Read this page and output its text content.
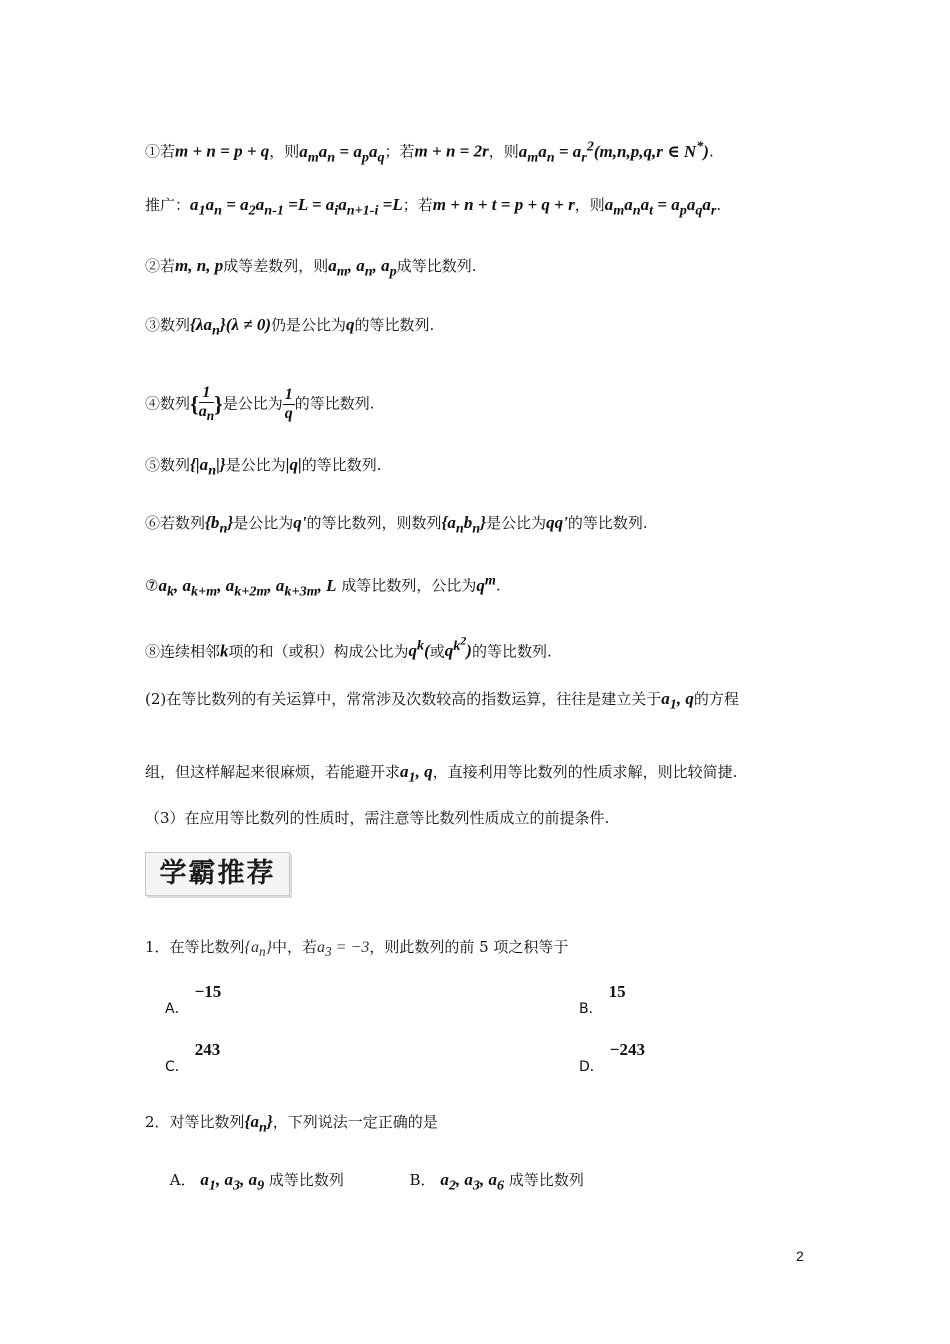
①若m + n = p + q，则$a_ma_n = a_pa_q$；若m + n = 2r，则$a_ma_n = a_r^2(m,n,p,q,r$ ∈ N*).
推广：$a_1a_n = a_2a_{n-1} =L = a_ia_{n+1-i} =L$；若m + n + t = p + q + r，则$a_ma_na_t = a_pa_qa_r$.
②若m, n, p成等差数列，则$a_m$, $a_n$, $a_p$成等比数列.
③数列$\{\lambda a_n\}(\lambda \ne 0)$仍是公比为q的等比数列.
④数列{ $\frac{1}{a_n}$ }是公比为 $\frac{1}{q}$ 的等比数列.
⑤数列$\{|a_n|\}$是公比为|q|的等比数列.
⑥若数列$\{b_n\}$是公比为q'的等比数列，则数列$\{a_nb_n\}$是公比为qq'的等比数列.
$⑦a_k$, $a_{k+m}$, $a_{k+2m}$, $a_{k+3m}$, L 成等比数列，公比为$q^m$.
⑧连续相邻k项的和（或积）构成公比为$q^k$(或$q^{k^2}$)的等比数列.
(2)在等比数列的有关运算中，常常涉及次数较高的指数运算，往往是建立关于$a_1$, q的方程
组，但这样解起来很麻烦，若能避开求$a_1$, q，直接利用等比数列的性质求解，则比较简捷.
（3）在应用等比数列的性质时，需注意等比数列性质成立的前提条件.
1．在等比数列$\{a_n\}$中，若$a_3 = -3$，则此数列的前 5 项之积等于
2．对等比数列$\{a_n\}$，下列说法一定正确的是
学霸推荐
A．−15
B．15
C．243
D．−243
A． $a_1$, $a_3$, $a_9$ 成等比数列	B． $a_2$, $a_3$, $a_6$ 成等比数列
2
